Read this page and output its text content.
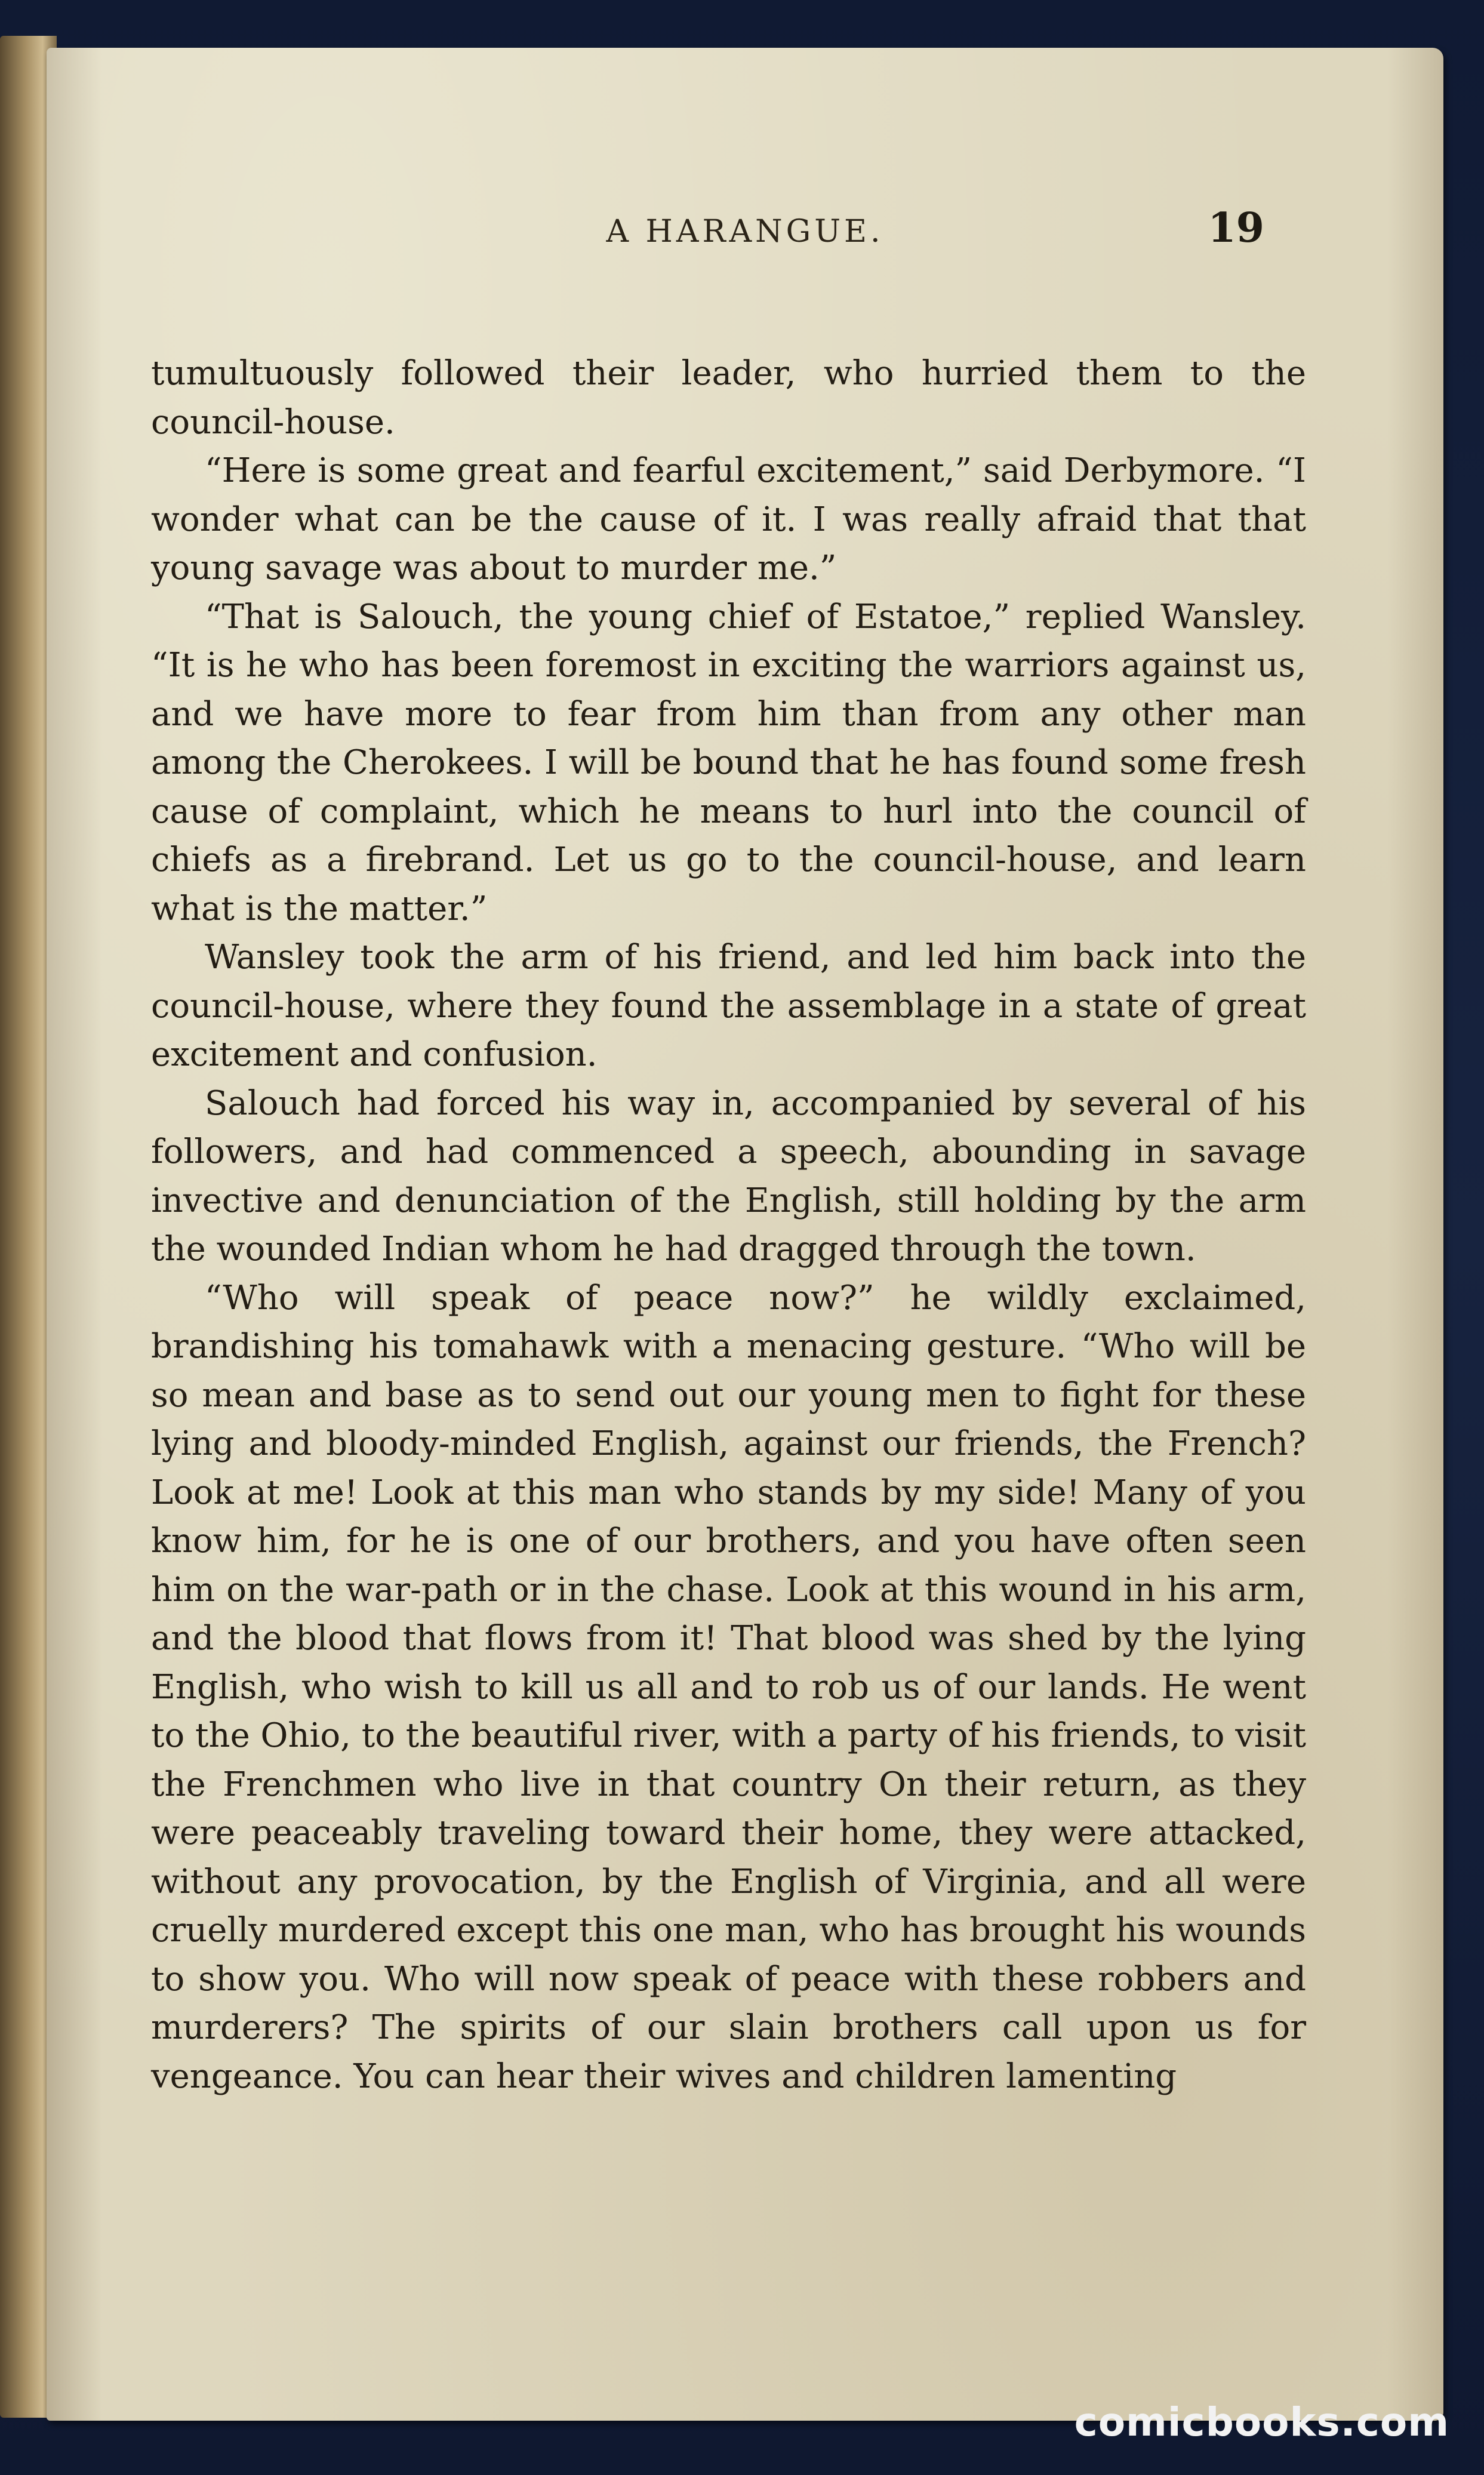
A HARANGUE.	19

tumultuously followed their leader, who hurried them to the council-house.

“Here is some great and fearful excitement,” said Derbymore. “I wonder what can be the cause of it. I was really afraid that that young savage was about to murder me.”

“That is Salouch, the young chief of Estatoe,” replied Wansley. “It is he who has been foremost in exciting the warriors against us, and we have more to fear from him than from any other man among the Cherokees. I will be bound that he has found some fresh cause of complaint, which he means to hurl into the council of chiefs as a firebrand. Let us go to the council-house, and learn what is the matter.”

Wansley took the arm of his friend, and led him back into the council-house, where they found the assemblage in a state of great excitement and confusion.

Salouch had forced his way in, accompanied by several of his followers, and had commenced a speech, abounding in savage invective and denunciation of the English, still holding by the arm the wounded Indian whom he had dragged through the town.

“Who will speak of peace now?” he wildly exclaimed, brandishing his tomahawk with a menacing gesture. “Who will be so mean and base as to send out our young men to fight for these lying and bloody-minded English, against our friends, the French? Look at me! Look at this man who stands by my side! Many of you know him, for he is one of our brothers, and you have often seen him on the war-path or in the chase. Look at this wound in his arm, and the blood that flows from it! That blood was shed by the lying English, who wish to kill us all and to rob us of our lands. He went to the Ohio, to the beautiful river, with a party of his friends, to visit the Frenchmen who live in that country On their return, as they were peaceably traveling toward their home, they were attacked, without any provocation, by the English of Virginia, and all were cruelly murdered except this one man, who has brought his wounds to show you. Who will now speak of peace with these robbers and murderers? The spirits of our slain brothers call upon us for vengeance. You can hear their wives and children lamenting

comicbooks.com
